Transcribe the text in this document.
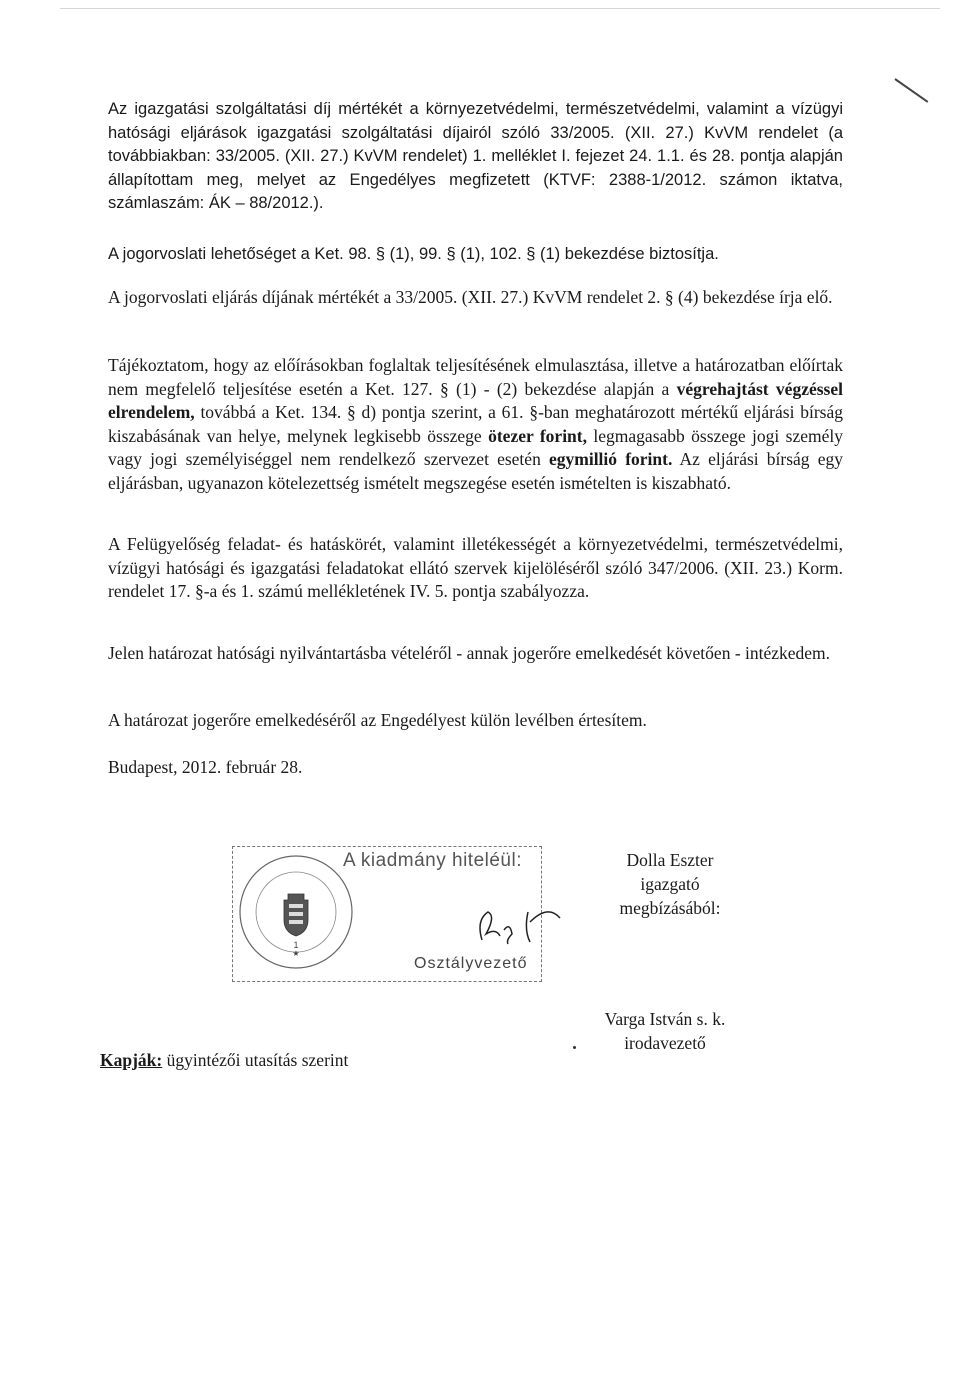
Az igazgatási szolgáltatási díj mértékét a környezetvédelmi, természetvédelmi, valamint a vízügyi hatósági eljárások igazgatási szolgáltatási díjairól szóló 33/2005. (XII. 27.) KvVM rendelet (a továbbiakban: 33/2005. (XII. 27.) KvVM rendelet) 1. melléklet I. fejezet 24. 1.1. és 28. pontja alapján állapítottam meg, melyet az Engedélyes megfizetett (KTVF: 2388-1/2012. számon iktatva, számlaszám: ÁK – 88/2012.).
A jogorvoslati lehetőséget a Ket. 98. § (1), 99. § (1), 102. § (1) bekezdése biztosítja.
A jogorvoslati eljárás díjának mértékét a 33/2005. (XII. 27.) KvVM rendelet 2. § (4) bekezdése írja elő.
Tájékoztatom, hogy az előírásokban foglaltak teljesítésének elmulasztása, illetve a határozatban előírtak nem megfelelő teljesítése esetén a Ket. 127. § (1) - (2) bekezdése alapján a végrehajtást végzéssel elrendelem, továbbá a Ket. 134. § d) pontja szerint, a 61. §-ban meghatározott mértékű eljárási bírság kiszabásának van helye, melynek legkisebb összege ötezer forint, legmagasabb összege jogi személy vagy jogi személyiséggel nem rendelkező szervezet esetén egymillió forint. Az eljárási bírság egy eljárásban, ugyanazon kötelezettség ismételt megszegése esetén ismételten is kiszabható.
A Felügyelőség feladat- és hatáskörét, valamint illetékességét a környezetvédelmi, természetvédelmi, vízügyi hatósági és igazgatási feladatokat ellátó szervek kijelöléséről szóló 347/2006. (XII. 23.) Korm. rendelet 17. §-a és 1. számú mellékletének IV. 5. pontja szabályozza.
Jelen határozat hatósági nyilvántartásba vételéről - annak jogerőre emelkedését követően - intézkedem.
A határozat jogerőre emelkedéséről az Engedélyest külön levélben értesítem.
Budapest, 2012. február 28.
1
★
A kiadmány hiteléül:
Osztályvezető
Dolla Eszter
igazgató
megbízásából:
Varga István s. k.
irodavezető
Kapják: ügyintézői utasítás szerint
